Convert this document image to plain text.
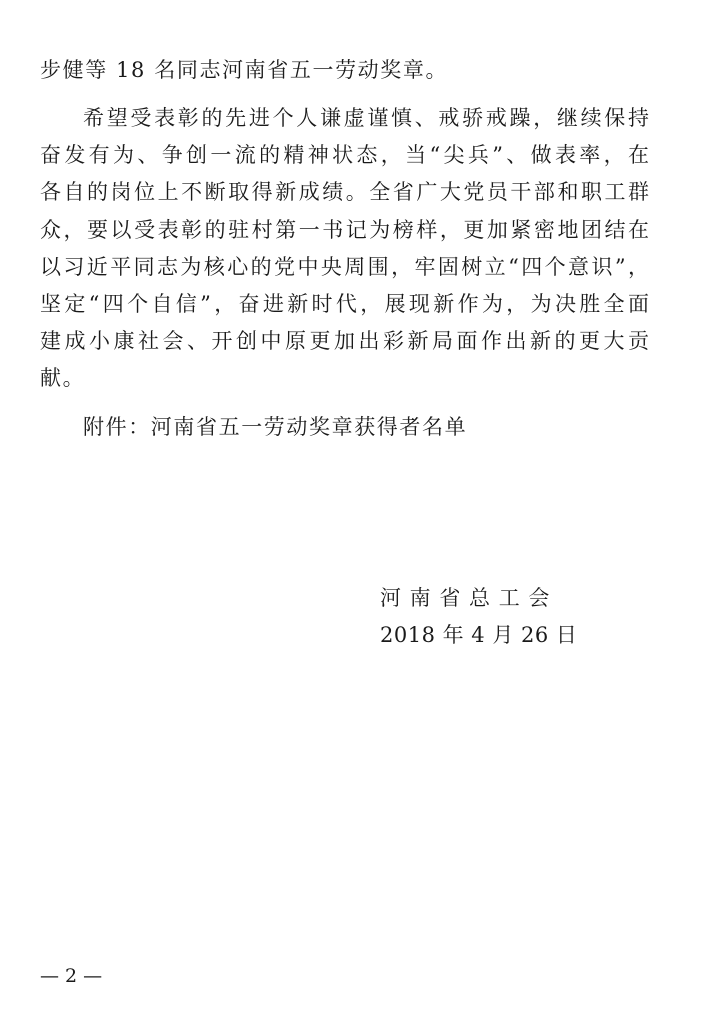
步健等 18 名同志河南省五一劳动奖章。
希望受表彰的先进个人谦虚谨慎、戒骄戒躁，继续保持
奋发有为、争创一流的精神状态，当“尖兵”、做表率，在
各自的岗位上不断取得新成绩。全省广大党员干部和职工群
众，要以受表彰的驻村第一书记为榜样，更加紧密地团结在
以习近平同志为核心的党中央周围，牢固树立“四个意识”，
坚定“四个自信”，奋进新时代，展现新作为，为决胜全面
建成小康社会、开创中原更加出彩新局面作出新的更大贡
献。
附件：河南省五一劳动奖章获得者名单
河 南 省 总 工 会
2018 年 4 月 26 日
— 2 —
